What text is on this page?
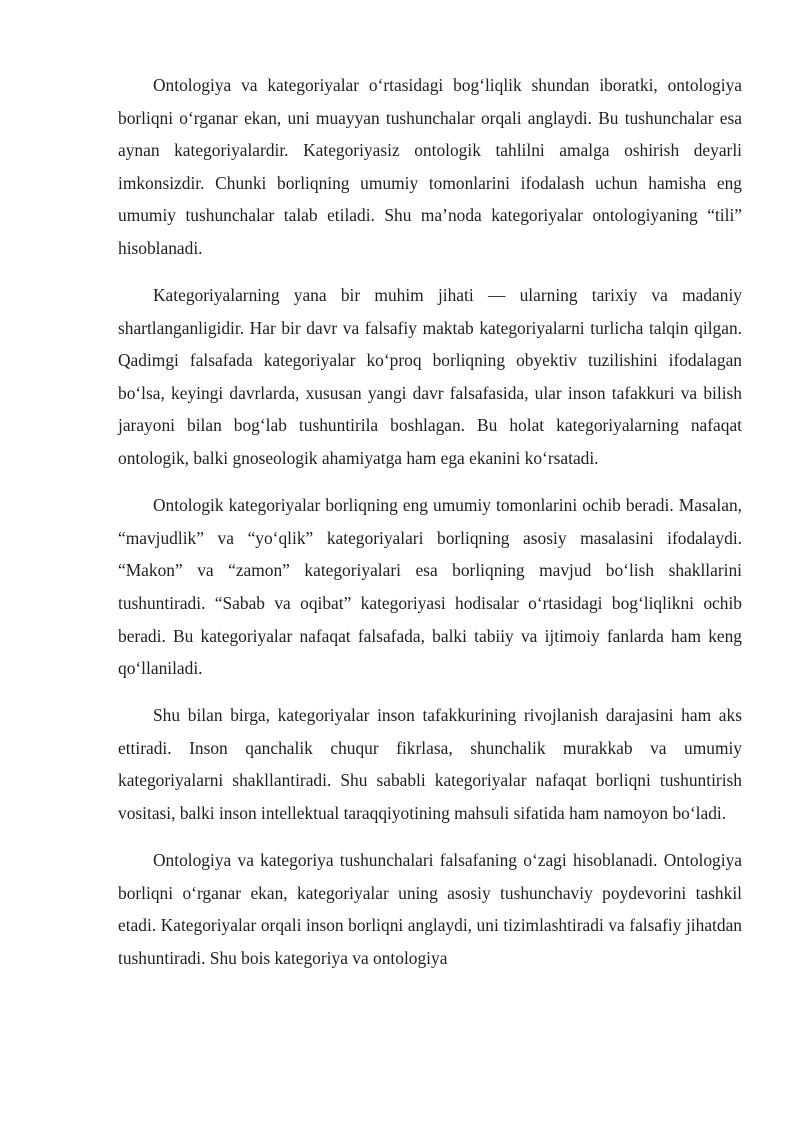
Ontologiya va kategoriyalar o‘rtasidagi bog‘liqlik shundan iboratki, ontologiya borliqni o‘rganar ekan, uni muayyan tushunchalar orqali anglaydi. Bu tushunchalar esa aynan kategoriyalardir. Kategoriyasiz ontologik tahlilni amalga oshirish deyarli imkonsizdir. Chunki borliqning umumiy tomonlarini ifodalash uchun hamisha eng umumiy tushunchalar talab etiladi. Shu ma’noda kategoriyalar ontologiyaning “tili” hisoblanadi.

Kategoriyalarning yana bir muhim jihati — ularning tarixiy va madaniy shartlanganligidir. Har bir davr va falsafiy maktab kategoriyalarni turlicha talqin qilgan. Qadimgi falsafada kategoriyalar ko‘proq borliqning obyektiv tuzilishini ifodalagan bo‘lsa, keyingi davrlarda, xususan yangi davr falsafasida, ular inson tafakkuri va bilish jarayoni bilan bog‘lab tushuntirila boshlagan. Bu holat kategoriyalarning nafaqat ontologik, balki gnoseologik ahamiyatga ham ega ekanini ko‘rsatadi.

Ontologik kategoriyalar borliqning eng umumiy tomonlarini ochib beradi. Masalan, “mavjudlik” va “yo‘qlik” kategoriyalari borliqning asosiy masalasini ifodalaydi. “Makon” va “zamon” kategoriyalari esa borliqning mavjud bo‘lish shakllarini tushuntiradi. “Sabab va oqibat” kategoriyasi hodisalar o‘rtasidagi bog‘liqlikni ochib beradi. Bu kategoriyalar nafaqat falsafada, balki tabiiy va ijtimoiy fanlarda ham keng qo‘llaniladi.

Shu bilan birga, kategoriyalar inson tafakkurining rivojlanish darajasini ham aks ettiradi. Inson qanchalik chuqur fikrlasa, shunchalik murakkab va umumiy kategoriyalarni shakllantiradi. Shu sababli kategoriyalar nafaqat borliqni tushuntirish vositasi, balki inson intellektual taraqqiyotining mahsuli sifatida ham namoyon bo‘ladi.

Ontologiya va kategoriya tushunchalari falsafaning o‘zagi hisoblanadi. Ontologiya borliqni o‘rganar ekan, kategoriyalar uning asosiy tushunchaviy poydevorini tashkil etadi. Kategoriyalar orqali inson borliqni anglaydi, uni tizimlashtiradi va falsafiy jihatdan tushuntiradi. Shu bois kategoriya va ontologiya
